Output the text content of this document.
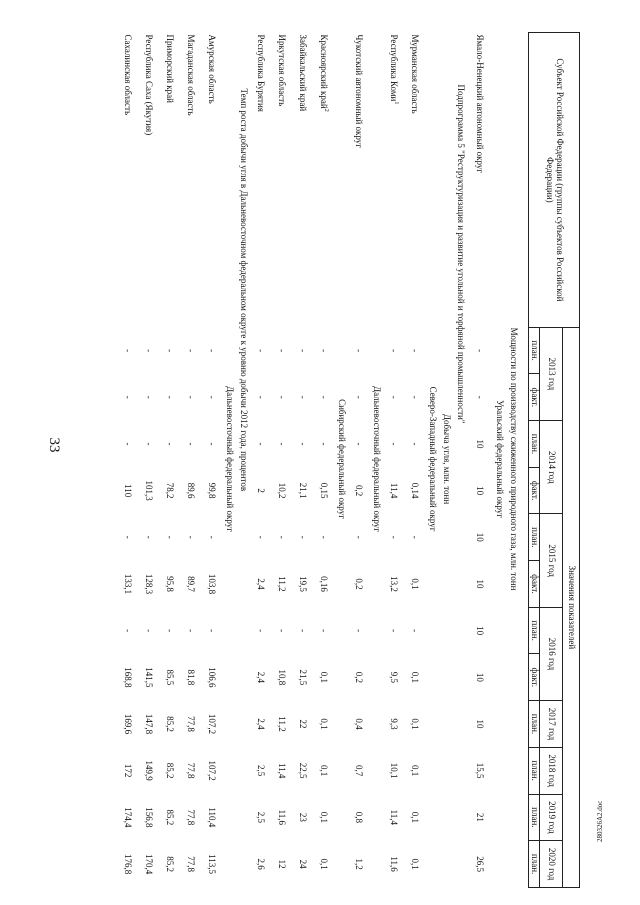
33
Субъект Российской Федерации (группы субъектов Российской Федерации)	Значения показателей											
	2013 год		2014 год		2015 год		2016 год		2017 год	2018 год	2019 год	2020 год
	план.	факт.	план.	факт.	план.	факт.	план.	факт.	план.	план.	план.	план.

Мощности по производству сжиженного природного газа, млн. тонн												
Уральский федеральный округ												
Ямало-Ненецкий автономный округ	-	-	10	10	10	10	10	10	10	15,5	21	26,5
Подпрограмма 5 "Реструктуризация и развитие угольной и торфяной промышленности"												
Добыча угля, млн. тонн												
Северо-Западный федеральный округ												
Мурманская область	-	-	-	0,14	-	0,1	-	0,1	0,1	0,1	0,1	0,1
Республика Коми$^1$	-	-	-	11,4	-	13,2	-	9,5	9,3	10,1	11,4	11,6
Дальневосточный федеральный округ												
Чукотский автономный округ	-	-	-	0,2	-	0,2	-	0,2	0,4	0,7	0,8	1,2
Сибирский федеральный округ												
Красноярский край$^2$	-	-	-	0,15	-	0,16	-	0,1	0,1	0,1	0,1	0,1
Забайкальский край	-	-	-	21,1	-	19,5	-	21,5	22	22,5	23	24
Иркутская область	-	-	-	10,2	-	11,2	-	10,8	11,2	11,4	11,6	12
Республика Бурятия	-	-	-	2	-	2,4	-	2,4	2,4	2,5	2,5	2,6
Темп роста добычи угля в Дальневосточном федеральном округе к уровню добычи 2012 года, процентов												
Дальневосточный федеральный округ												
Амурская область	-	-	-	99,8	-	103,8	-	106,6	107,2	107,2	110,4	113,5
Магаданская область	-	-	-	89,6	-	89,7	-	81,8	77,8	77,8	77,8	77,8
Приморский край	-	-	-	78,2	-	95,8	-	85,5	85,2	85,2	85,2	85,2
Республика Саха (Якутия)	-	-	-	101,3	-	128,3	-	141,5	147,8	149,9	156,8	170,4
Сахалинская область	-	-	-	110	-	133,1	-	168,8	169,6	172	174,4	176,8
280326А2.doc
